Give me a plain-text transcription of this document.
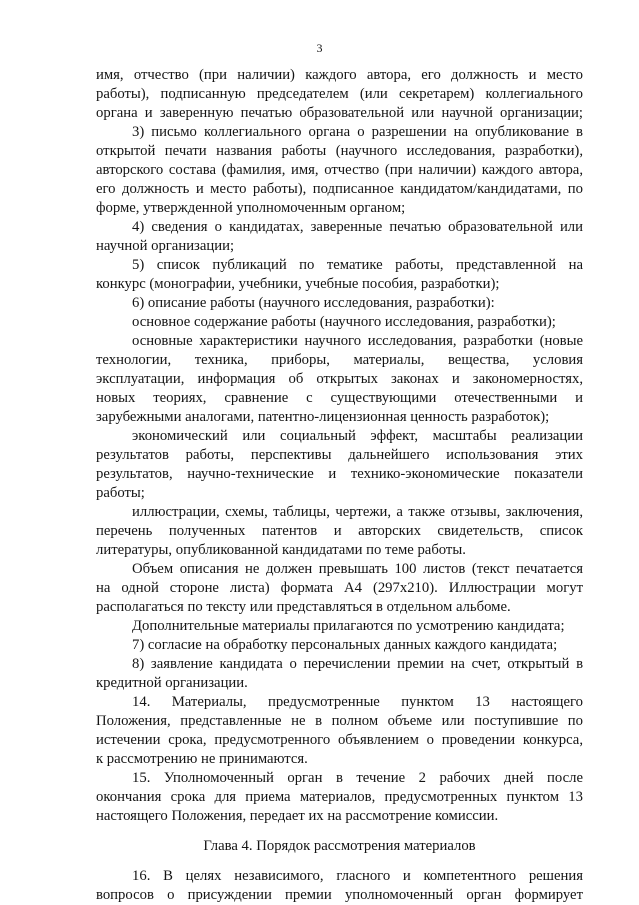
3
имя, отчество (при наличии) каждого автора, его должность и место
работы), подписанную председателем (или секретарем) коллегиального
органа и заверенную печатью образовательной или научной организации;
3) письмо коллегиального органа о разрешении на опубликование в
открытой печати названия работы (научного исследования, разработки),
авторского состава (фамилия, имя, отчество (при наличии) каждого автора,
его должность и место работы), подписанное кандидатом/кандидатами, по
форме, утвержденной уполномоченным органом;
4) сведения о кандидатах, заверенные печатью образовательной или
научной организации;
5) список публикаций по тематике работы, представленной на
конкурс (монографии, учебники, учебные пособия, разработки);
6) описание работы (научного исследования, разработки):
основное содержание работы (научного исследования, разработки);
основные характеристики научного исследования, разработки (новые
технологии, техника, приборы, материалы, вещества, условия
эксплуатации, информация об открытых законах и закономерностях,
новых теориях, сравнение с существующими отечественными и
зарубежными аналогами, патентно-лицензионная ценность разработок);
экономический или социальный эффект, масштабы реализации
результатов работы, перспективы дальнейшего использования этих
результатов, научно-технические и технико-экономические показатели
работы;
иллюстрации, схемы, таблицы, чертежи, а также отзывы, заключения,
перечень полученных патентов и авторских свидетельств, список
литературы, опубликованной кандидатами по теме работы.
Объем описания не должен превышать 100 листов (текст печатается
на одной стороне листа) формата А4 (297х210). Иллюстрации могут
располагаться по тексту или представляться в отдельном альбоме.
Дополнительные материалы прилагаются по усмотрению кандидата;
7) согласие на обработку персональных данных каждого кандидата;
8) заявление кандидата о перечислении премии на счет, открытый в
кредитной организации.
14. Материалы, предусмотренные пунктом 13 настоящего
Положения, представленные не в полном объеме или поступившие по
истечении срока, предусмотренного объявлением о проведении конкурса,
к рассмотрению не принимаются.
15. Уполномоченный орган в течение 2 рабочих дней после
окончания срока для приема материалов, предусмотренных пунктом 13
настоящего Положения, передает их на рассмотрение комиссии.
Глава 4. Порядок рассмотрения материалов
16. В целях независимого, гласного и компетентного решения
вопросов о присуждении премии уполномоченный орган формирует
